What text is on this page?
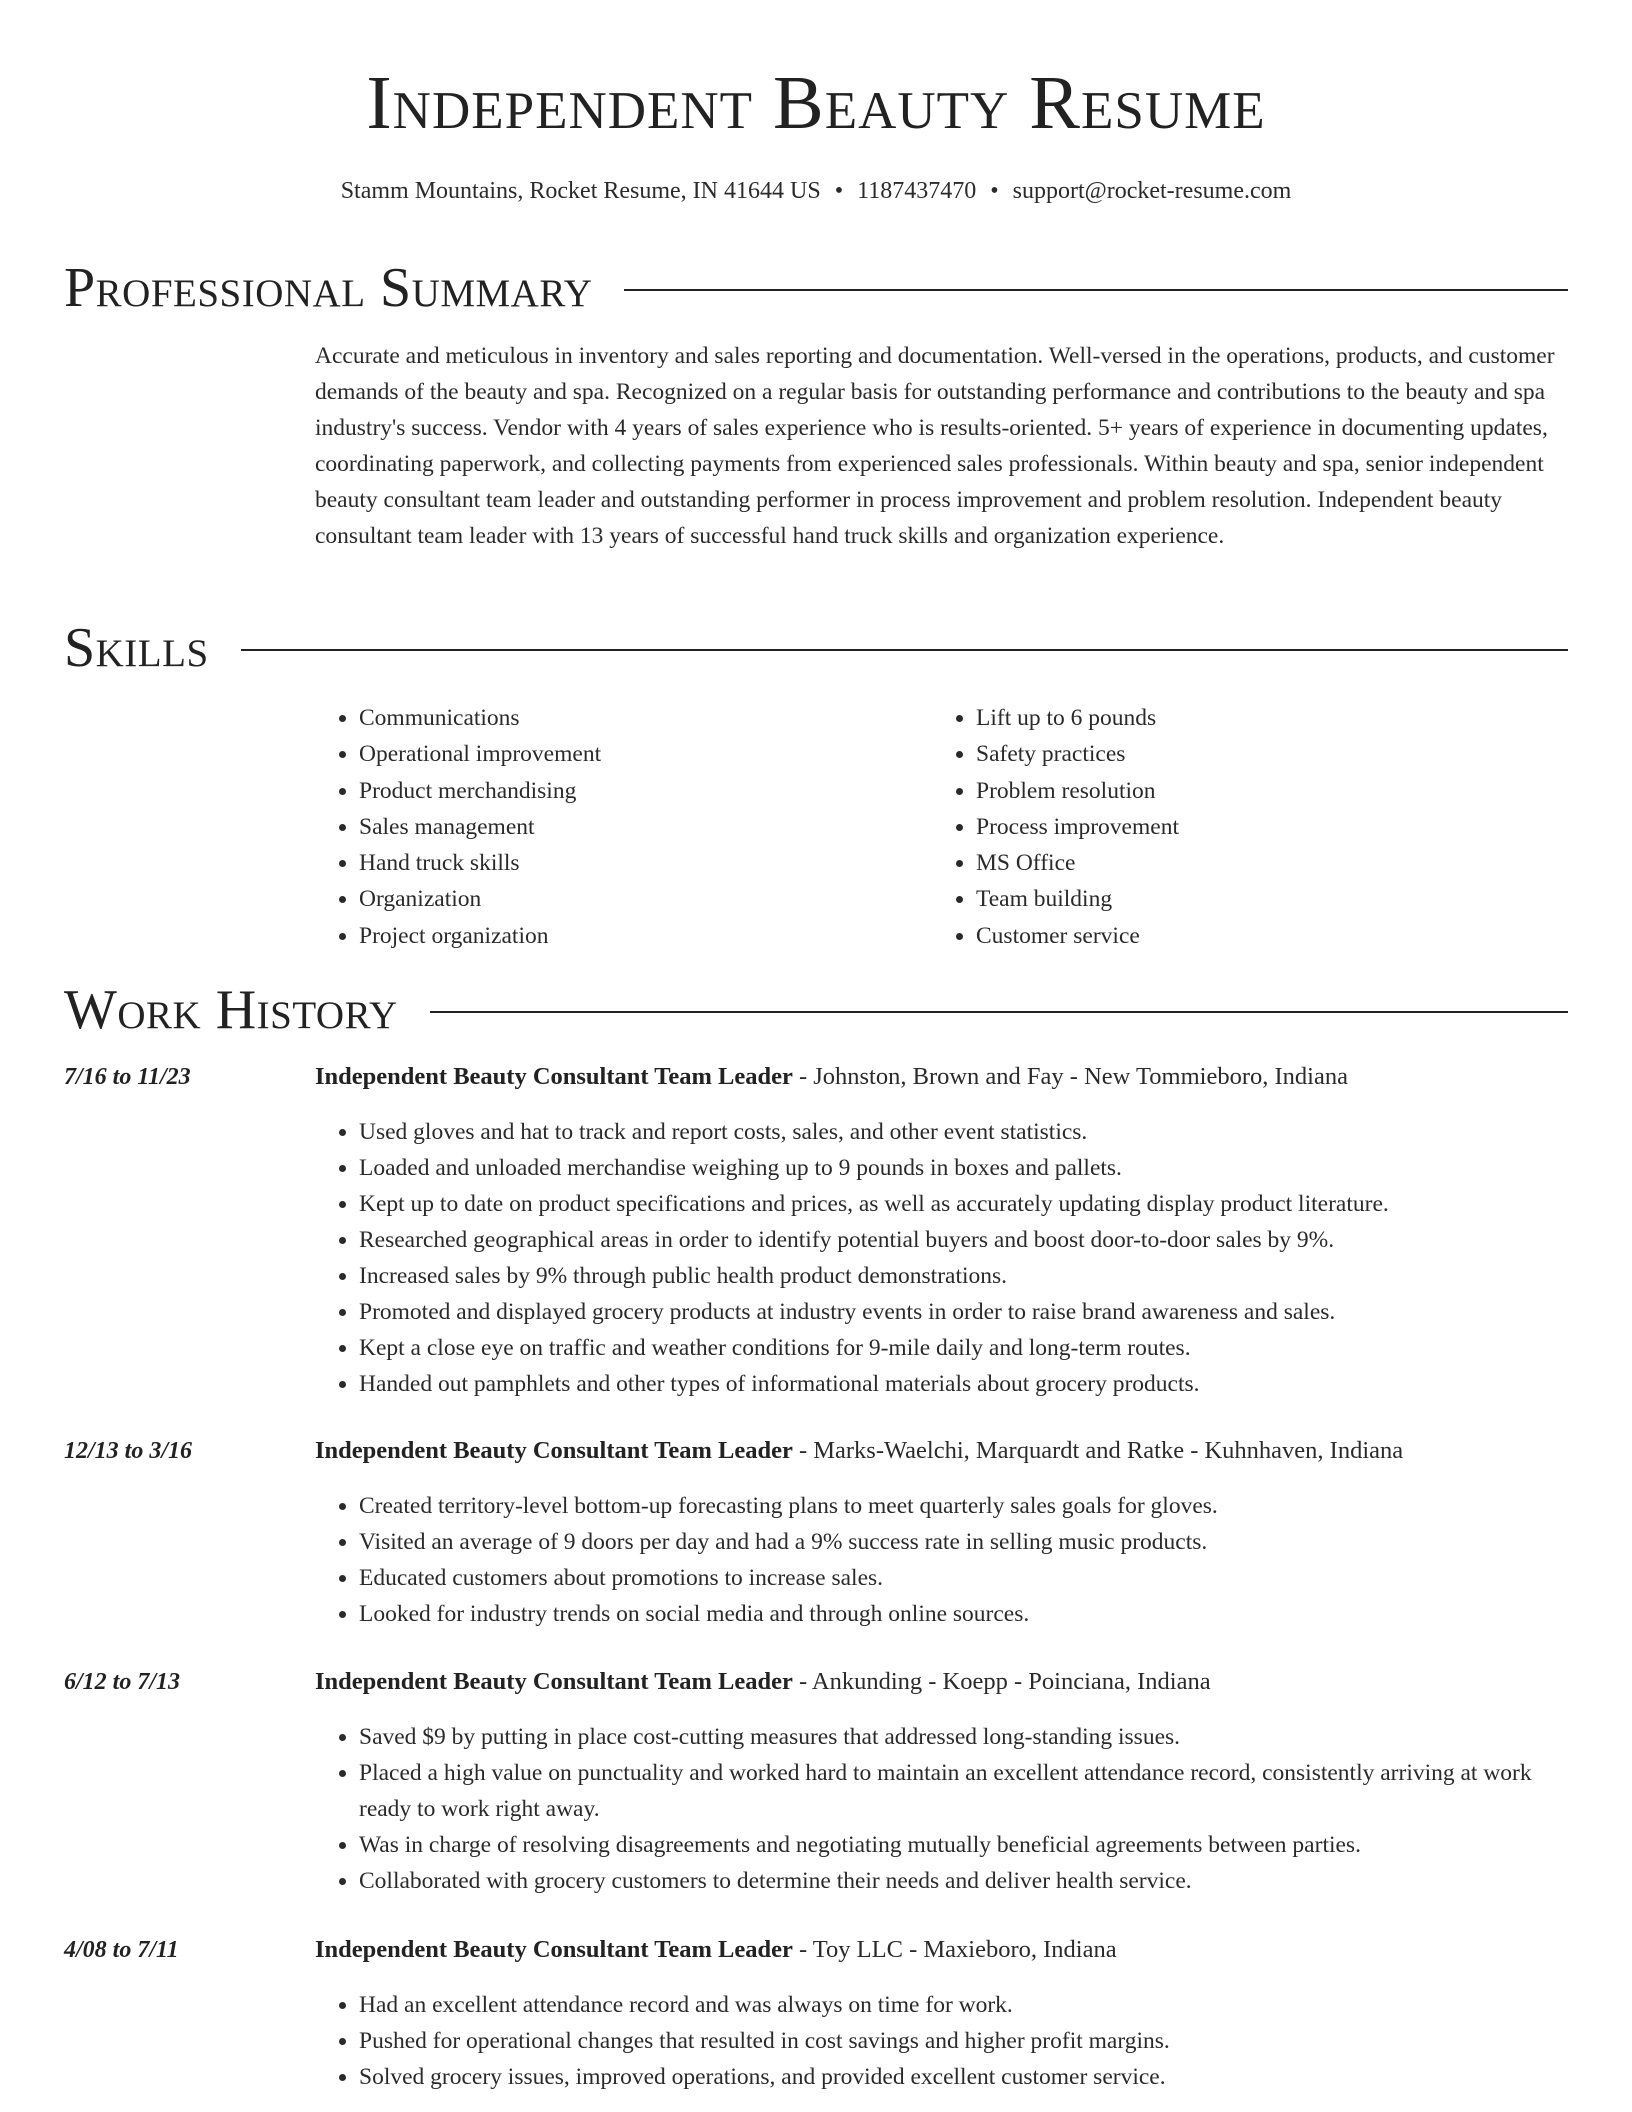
Independent Beauty Resume
Stamm Mountains, Rocket Resume, IN 41644 US • 1187437470 • support@rocket-resume.com
Professional Summary

Accurate and meticulous in inventory and sales reporting and documentation. Well-versed in the operations, products, and customer demands of the beauty and spa. Recognized on a regular basis for outstanding performance and contributions to the beauty and spa industry's success. Vendor with 4 years of sales experience who is results-oriented. 5+ years of experience in documenting updates, coordinating paperwork, and collecting payments from experienced sales professionals. Within beauty and spa, senior independent beauty consultant team leader and outstanding performer in process improvement and problem resolution. Independent beauty consultant team leader with 13 years of successful hand truck skills and organization experience.

Skills
• Communications
• Operational improvement
• Product merchandising
• Sales management
• Hand truck skills
• Organization
• Project organization
• Lift up to 6 pounds
• Safety practices
• Problem resolution
• Process improvement
• MS Office
• Team building
• Customer service
Work History
7/16 to 11/23	Independent Beauty Consultant Team Leader - Johnston, Brown and Fay - New Tommieboro, Indiana
• Used gloves and hat to track and report costs, sales, and other event statistics.
• Loaded and unloaded merchandise weighing up to 9 pounds in boxes and pallets.
• Kept up to date on product specifications and prices, as well as accurately updating display product literature.
• Researched geographical areas in order to identify potential buyers and boost door-to-door sales by 9%.
• Increased sales by 9% through public health product demonstrations.
• Promoted and displayed grocery products at industry events in order to raise brand awareness and sales.
• Kept a close eye on traffic and weather conditions for 9-mile daily and long-term routes.
• Handed out pamphlets and other types of informational materials about grocery products.
12/13 to 3/16	Independent Beauty Consultant Team Leader - Marks-Waelchi, Marquardt and Ratke - Kuhnhaven, Indiana
• Created territory-level bottom-up forecasting plans to meet quarterly sales goals for gloves.
• Visited an average of 9 doors per day and had a 9% success rate in selling music products.
• Educated customers about promotions to increase sales.
• Looked for industry trends on social media and through online sources.
6/12 to 7/13	Independent Beauty Consultant Team Leader - Ankunding - Koepp - Poinciana, Indiana
• Saved $9 by putting in place cost-cutting measures that addressed long-standing issues.
• Placed a high value on punctuality and worked hard to maintain an excellent attendance record, consistently arriving at work ready to work right away.
• Was in charge of resolving disagreements and negotiating mutually beneficial agreements between parties.
• Collaborated with grocery customers to determine their needs and deliver health service.
4/08 to 7/11	Independent Beauty Consultant Team Leader - Toy LLC - Maxieboro, Indiana
• Had an excellent attendance record and was always on time for work.
• Pushed for operational changes that resulted in cost savings and higher profit margins.
• Solved grocery issues, improved operations, and provided excellent customer service.
